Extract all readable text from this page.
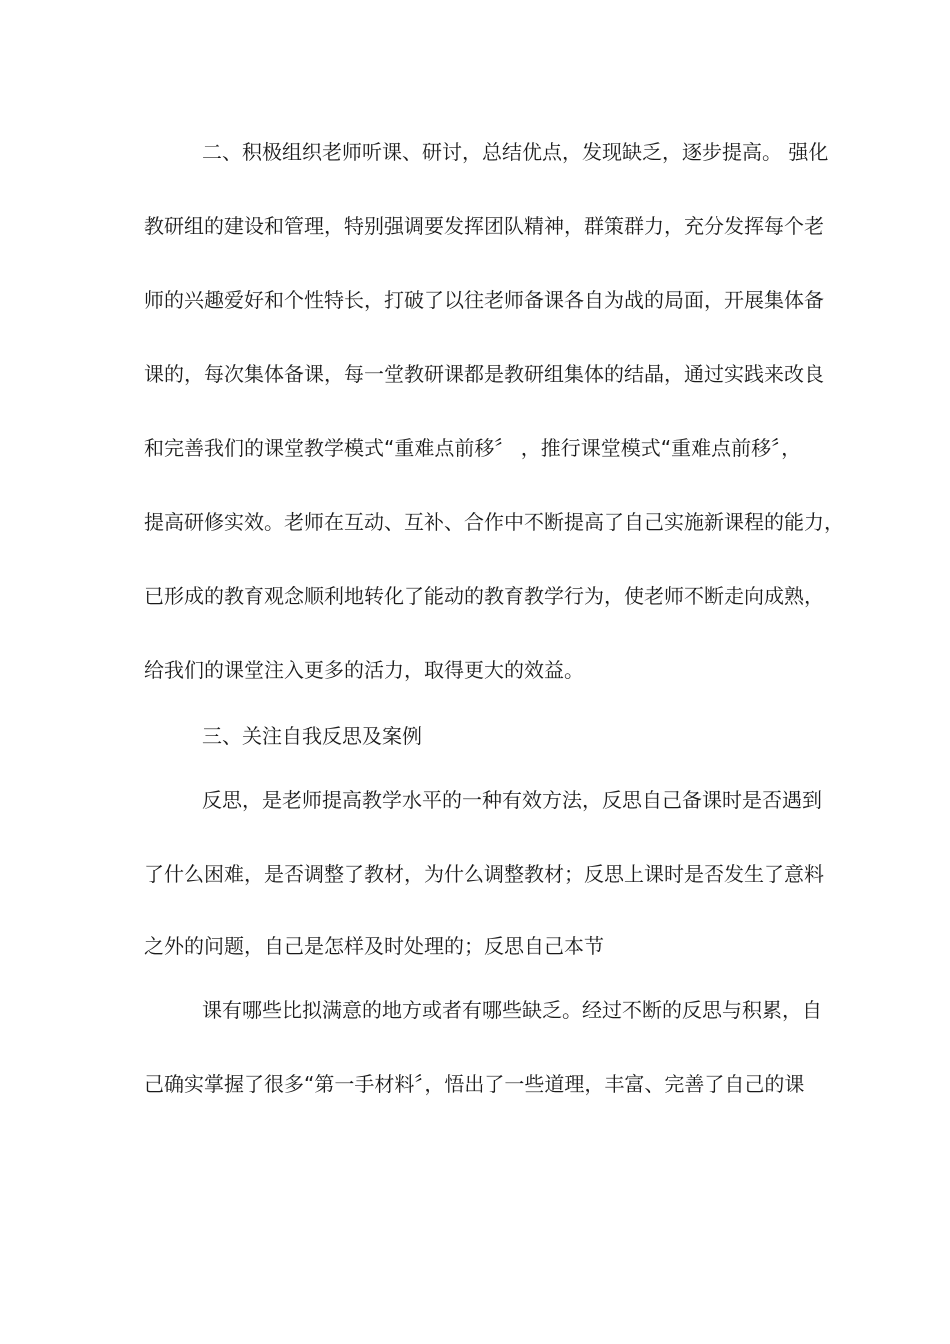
二、积极组织老师听课、研讨，总结优点，发现缺乏，逐步提高。 强化
教研组的建设和管理，特别强调要发挥团队精神，群策群力，充分发挥每个老
师的兴趣爱好和个性特长，打破了以往老师备课各自为战的局面，开展集体备
课的，每次集体备课，每一堂教研课都是教研组集体的结晶，通过实践来改良
和完善我们的课堂教学模式“重难点前移〞 ，推行课堂模式“重难点前移〞，
提高研修实效。老师在互动、互补、合作中不断提高了自己实施新课程的能力，
已形成的教育观念顺利地转化了能动的教育教学行为，使老师不断走向成熟，
给我们的课堂注入更多的活力，取得更大的效益。
三、关注自我反思及案例
反思，是老师提高教学水平的一种有效方法，反思自己备课时是否遇到
了什么困难，是否调整了教材，为什么调整教材；反思上课时是否发生了意料
之外的问题，自己是怎样及时处理的；反思自己本节
课有哪些比拟满意的地方或者有哪些缺乏。经过不断的反思与积累，自
己确实掌握了很多“第一手材料〞，悟出了一些道理，丰富、完善了自己的课
